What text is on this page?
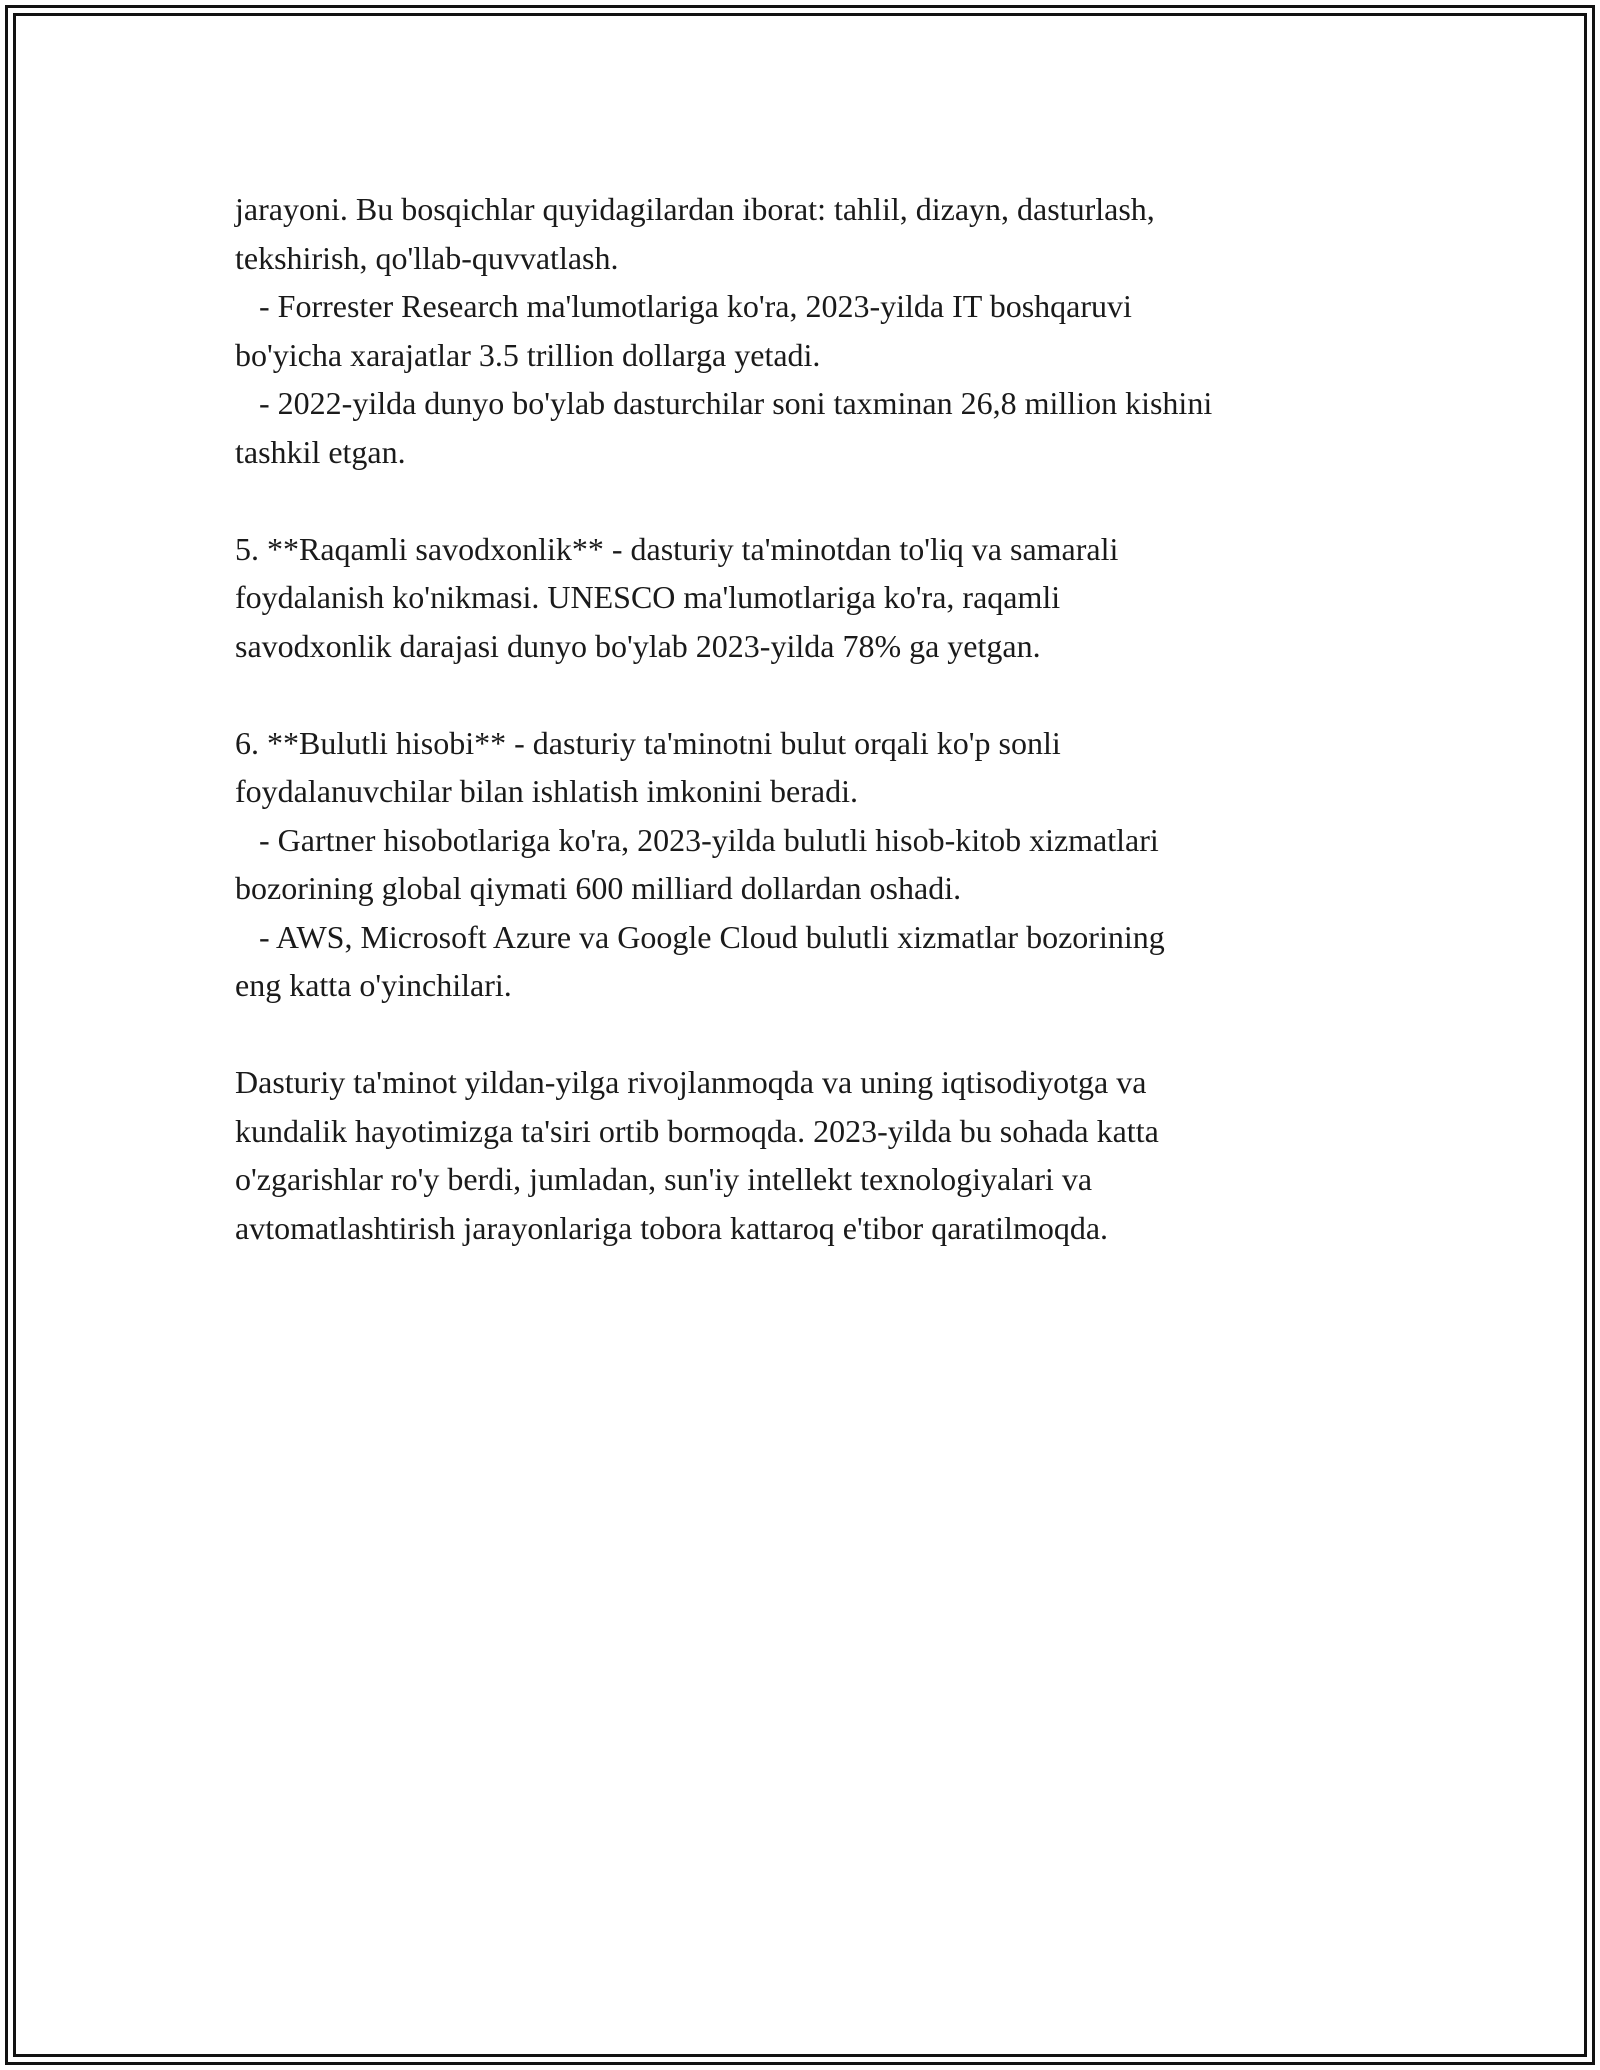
jarayoni. Bu bosqichlar quyidagilardan iborat: tahlil, dizayn, dasturlash,
tekshirish, qo'llab-quvvatlash.
- Forrester Research ma'lumotlariga ko'ra, 2023-yilda IT boshqaruvi
bo'yicha xarajatlar 3.5 trillion dollarga yetadi.
- 2022-yilda dunyo bo'ylab dasturchilar soni taxminan 26,8 million kishini
tashkil etgan.
5. **Raqamli savodxonlik** - dasturiy ta'minotdan to'liq va samarali
foydalanish ko'nikmasi. UNESCO ma'lumotlariga ko'ra, raqamli
savodxonlik darajasi dunyo bo'ylab 2023-yilda 78% ga yetgan.
6. **Bulutli hisobi** - dasturiy ta'minotni bulut orqali ko'p sonli
foydalanuvchilar bilan ishlatish imkonini beradi.
- Gartner hisobotlariga ko'ra, 2023-yilda bulutli hisob-kitob xizmatlari
bozorining global qiymati 600 milliard dollardan oshadi.
- AWS, Microsoft Azure va Google Cloud bulutli xizmatlar bozorining
eng katta o'yinchilari.
Dasturiy ta'minot yildan-yilga rivojlanmoqda va uning iqtisodiyotga va
kundalik hayotimizga ta'siri ortib bormoqda. 2023-yilda bu sohada katta
o'zgarishlar ro'y berdi, jumladan, sun'iy intellekt texnologiyalari va
avtomatlashtirish jarayonlariga tobora kattaroq e'tibor qaratilmoqda.
